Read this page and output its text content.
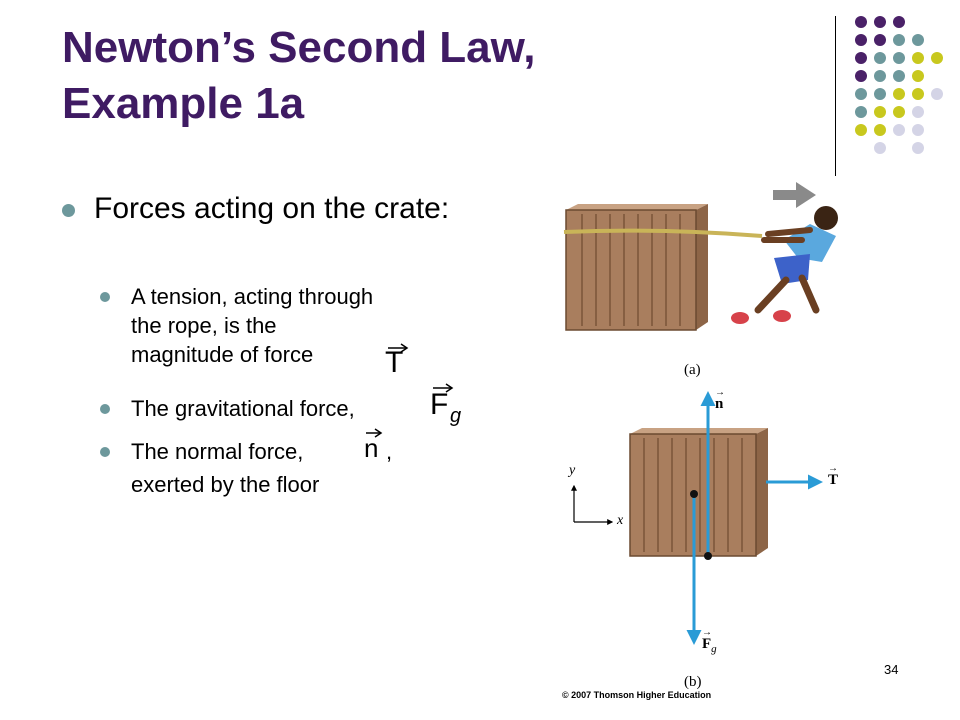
Newton’s Second Law,
Example 1a
Forces acting on the crate:
A tension, acting through
the rope, is the
magnitude of force T
The gravitational force,	F g
The normal force,	,
exerted by the floor
n
(a)
y
x
→
n
→
T
→
$F_g$
(b)
© 2007 Thomson Higher Education
34
